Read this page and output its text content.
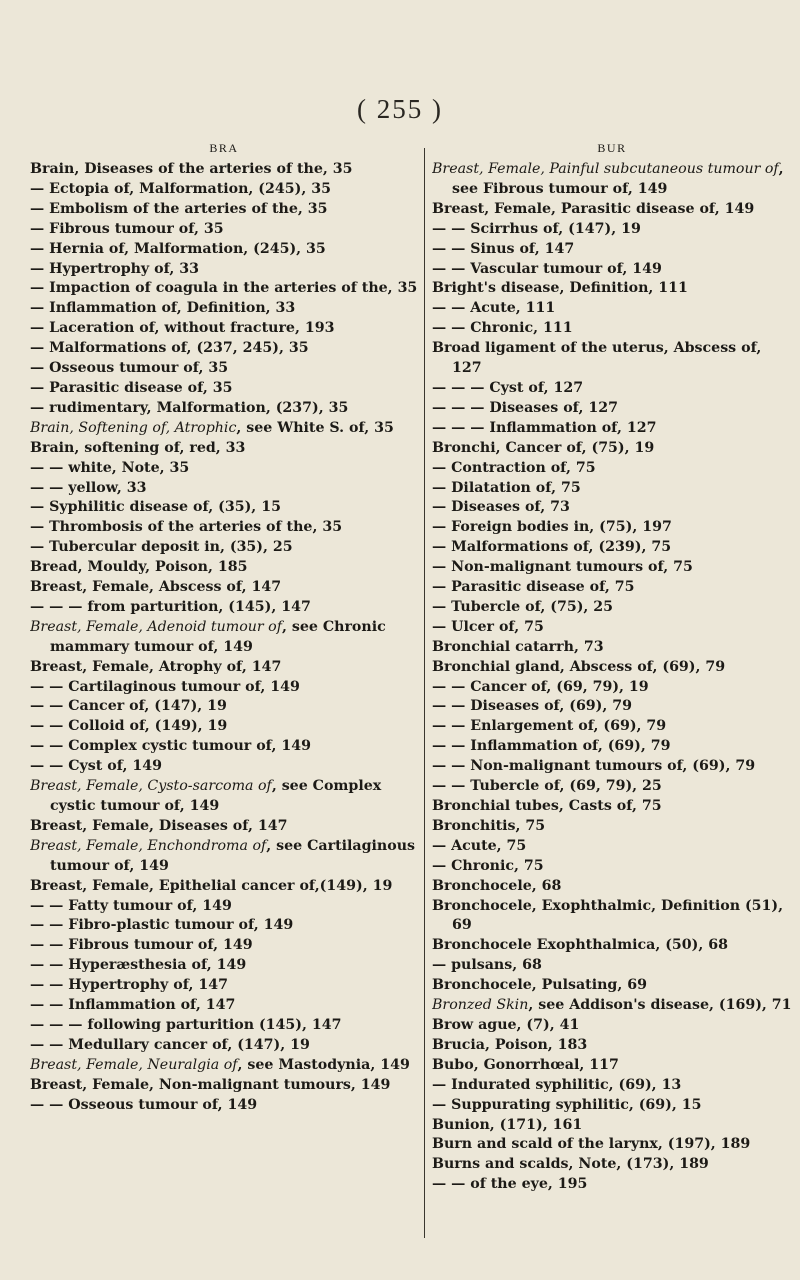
( 255 )
BRA
Brain, Diseases of the arteries of the, 35
— Ectopia of, Malformation, (245), 35
— Embolism of the arteries of the, 35
— Fibrous tumour of, 35
— Hernia of, Malformation, (245), 35
— Hypertrophy of, 33
— Impaction of coagula in the arteries of the, 35
— Inflammation of, Definition, 33
— Laceration of, without fracture, 193
— Malformations of, (237, 245), 35
— Osseous tumour of, 35
— Parasitic disease of, 35
— rudimentary, Malformation, (237), 35
Brain, Softening of, Atrophic, see White S. of, 35
Brain, softening of, red, 33
— — white, Note, 35
— — yellow, 33
— Syphilitic disease of, (35), 15
— Thrombosis of the arteries of the, 35
— Tubercular deposit in, (35), 25
Bread, Mouldy, Poison, 185
Breast, Female, Abscess of, 147
— — — from parturition, (145), 147
Breast, Female, Adenoid tumour of, see Chronic mammary tumour of, 149
Breast, Female, Atrophy of, 147
— — Cartilaginous tumour of, 149
— — Cancer of, (147), 19
— — Colloid of, (149), 19
— — Complex cystic tumour of, 149
— — Cyst of, 149
Breast, Female, Cysto-sarcoma of, see Complex cystic tumour of, 149
Breast, Female, Diseases of, 147
Breast, Female, Enchondroma of, see Cartilaginous tumour of, 149
Breast, Female, Epithelial cancer of,(149), 19
— — Fatty tumour of, 149
— — Fibro-plastic tumour of, 149
— — Fibrous tumour of, 149
— — Hyperæsthesia of, 149
— — Hypertrophy of, 147
— — Inflammation of, 147
— — — following parturition (145), 147
— — Medullary cancer of, (147), 19
Breast, Female, Neuralgia of, see Mastodynia, 149
Breast, Female, Non-malignant tumours, 149
— — Osseous tumour of, 149
BUR
Breast, Female, Painful subcutaneous tumour of, see Fibrous tumour of, 149
Breast, Female, Parasitic disease of, 149
— — Scirrhus of, (147), 19
— — Sinus of, 147
— — Vascular tumour of, 149
Bright's disease, Definition, 111
— — Acute, 111
— — Chronic, 111
Broad ligament of the uterus, Abscess of, 127
— — — Cyst of, 127
— — — Diseases of, 127
— — — Inflammation of, 127
Bronchi, Cancer of, (75), 19
— Contraction of, 75
— Dilatation of, 75
— Diseases of, 73
— Foreign bodies in, (75), 197
— Malformations of, (239), 75
— Non-malignant tumours of, 75
— Parasitic disease of, 75
— Tubercle of, (75), 25
— Ulcer of, 75
Bronchial catarrh, 73
Bronchial gland, Abscess of, (69), 79
— — Cancer of, (69, 79), 19
— — Diseases of, (69), 79
— — Enlargement of, (69), 79
— — Inflammation of, (69), 79
— — Non-malignant tumours of, (69), 79
— — Tubercle of, (69, 79), 25
Bronchial tubes, Casts of, 75
Bronchitis, 75
— Acute, 75
— Chronic, 75
Bronchocele, 68
Bronchocele, Exophthalmic, Definition (51), 69
Bronchocele Exophthalmica, (50), 68
— pulsans, 68
Bronchocele, Pulsating, 69
Bronzed Skin, see Addison's disease, (169), 71
Brow ague, (7), 41
Brucia, Poison, 183
Bubo, Gonorrhœal, 117
— Indurated syphilitic, (69), 13
— Suppurating syphilitic, (69), 15
Bunion, (171), 161
Burn and scald of the larynx, (197), 189
Burns and scalds, Note, (173), 189
— — of the eye, 195
